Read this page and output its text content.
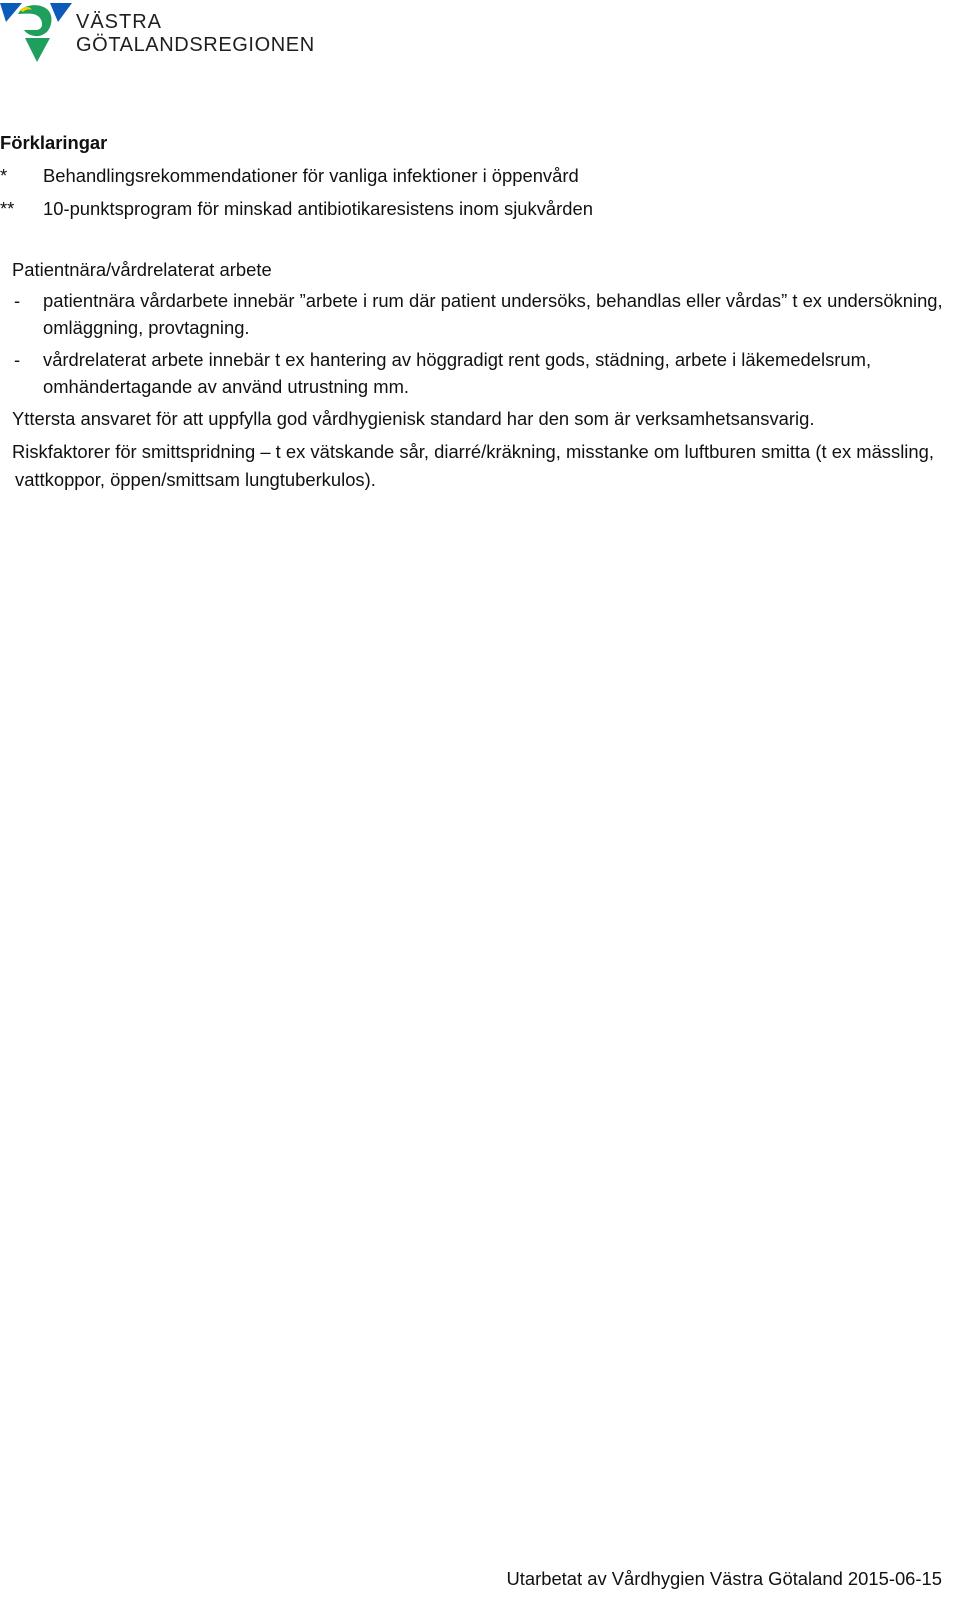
VÄSTRA
GÖTALANDSREGIONEN
Förklaringar
*	Behandlingsrekommendationer för vanliga infektioner i öppenvård
**	10-punktsprogram för minskad antibiotikaresistens inom sjukvården
Patientnära/vårdrelaterat arbete
-	patientnära vårdarbete innebär ”arbete i rum där patient undersöks, behandlas eller vårdas” t ex undersökning, omläggning, provtagning.
-	vårdrelaterat arbete innebär t ex hantering av höggradigt rent gods, städning, arbete i läkemedelsrum, omhändertagande av använd utrustning mm.
Yttersta ansvaret för att uppfylla god vårdhygienisk standard har den som är verksamhetsansvarig.
Riskfaktorer för smittspridning – t ex vätskande sår, diarré/kräkning, misstanke om luftburen smitta (t ex mässling, vattkoppor, öppen/smittsam lungtuberkulos).
Utarbetat av Vårdhygien Västra Götaland 2015-06-15
